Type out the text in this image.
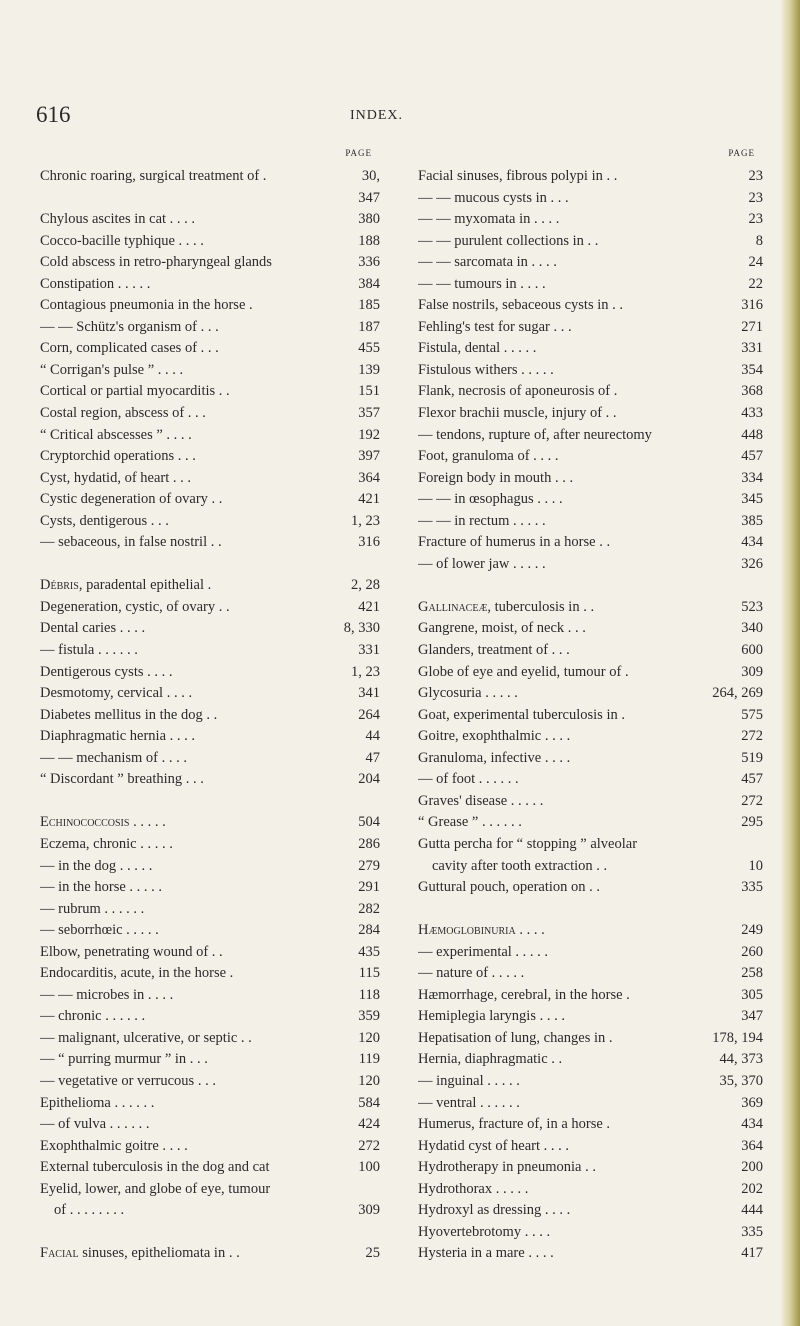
616	INDEX.
PAGE
Chronic roaring, surgical treatment of .	30,
347
Chylous ascites in cat . . . .	380
Cocco-bacille typhique . . . .	188
Cold abscess in retro-pharyngeal glands	336
Constipation . . . . .	384
Contagious pneumonia in the horse .	185
— — Schütz's organism of . . .	187
Corn, complicated cases of . . .	455
“ Corrigan's pulse ” . . . .	139
Cortical or partial myocarditis . .	151
Costal region, abscess of . . .	357
“ Critical abscesses ” . . . .	192
Cryptorchid operations . . .	397
Cyst, hydatid, of heart . . .	364
Cystic degeneration of ovary . .	421
Cysts, dentigerous . . .	1, 23
— sebaceous, in false nostril . .	316
Débris, paradental epithelial .	2, 28
Degeneration, cystic, of ovary . .	421
Dental caries . . . .	8, 330
— fistula . . . . . .	331
Dentigerous cysts . . . .	1, 23
Desmotomy, cervical . . . .	341
Diabetes mellitus in the dog . .	264
Diaphragmatic hernia . . . .	44
— — mechanism of . . . .	47
“ Discordant ” breathing . . .	204
Echinococcosis . . . . .	504
Eczema, chronic . . . . .	286
— in the dog . . . . .	279
— in the horse . . . . .	291
— rubrum . . . . . .	282
— seborrhœic . . . . .	284
Elbow, penetrating wound of . .	435
Endocarditis, acute, in the horse .	115
— — microbes in . . . .	118
— chronic . . . . . .	359
— malignant, ulcerative, or septic . .	120
— “ purring murmur ” in . . .	119
— vegetative or verrucous . . .	120
Epithelioma . . . . . .	584
— of vulva . . . . . .	424
Exophthalmic goitre . . . .	272
External tuberculosis in the dog and cat	100
Eyelid, lower, and globe of eye, tumour
of . . . . . . . .	309
Facial sinuses, epitheliomata in . .	25
PAGE
Facial sinuses, fibrous polypi in . .	23
— — mucous cysts in . . .	23
— — myxomata in . . . .	23
— — purulent collections in . .	8
— — sarcomata in . . . .	24
— — tumours in . . . .	22
False nostrils, sebaceous cysts in . .	316
Fehling's test for sugar . . .	271
Fistula, dental . . . . .	331
Fistulous withers . . . . .	354
Flank, necrosis of aponeurosis of .	368
Flexor brachii muscle, injury of . .	433
— tendons, rupture of, after neurectomy	448
Foot, granuloma of . . . .	457
Foreign body in mouth . . .	334
— — in œsophagus . . . .	345
— — in rectum . . . . .	385
Fracture of humerus in a horse . .	434
— of lower jaw . . . . .	326
Gallinaceæ, tuberculosis in . .	523
Gangrene, moist, of neck . . .	340
Glanders, treatment of . . .	600
Globe of eye and eyelid, tumour of .	309
Glycosuria . . . . .	264, 269
Goat, experimental tuberculosis in .	575
Goitre, exophthalmic . . . .	272
Granuloma, infective . . . .	519
— of foot . . . . . .	457
Graves' disease . . . . .	272
“ Grease ” . . . . . .	295
Gutta percha for “ stopping ” alveolar
cavity after tooth extraction . .	10
Guttural pouch, operation on . .	335
Hæmoglobinuria . . . .	249
— experimental . . . . .	260
— nature of . . . . .	258
Hæmorrhage, cerebral, in the horse .	305
Hemiplegia laryngis . . . .	347
Hepatisation of lung, changes in .	178, 194
Hernia, diaphragmatic . .	44, 373
— inguinal . . . . .	35, 370
— ventral . . . . . .	369
Humerus, fracture of, in a horse .	434
Hydatid cyst of heart . . . .	364
Hydrotherapy in pneumonia . .	200
Hydrothorax . . . . .	202
Hydroxyl as dressing . . . .	444
Hyovertebrotomy . . . .	335
Hysteria in a mare . . . .	417
